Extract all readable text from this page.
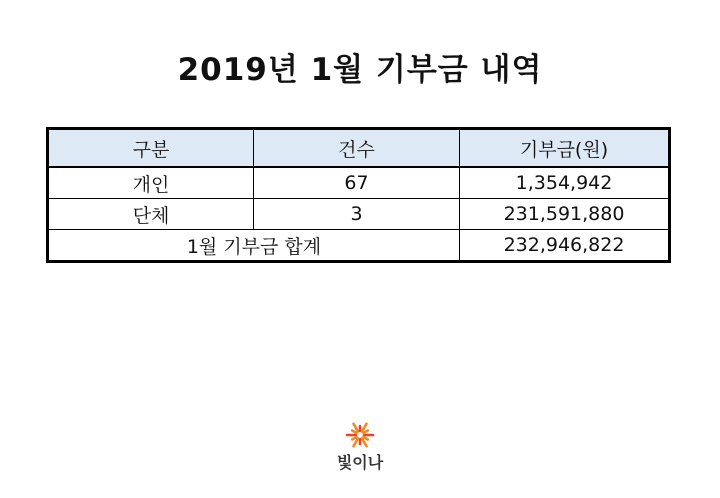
2019년 1월 기부금 내역
구분	건수	기부금(원)
개인	67	1,354,942
단체	3	231,591,880
1월 기부금 합계		232,946,822
빛이나
